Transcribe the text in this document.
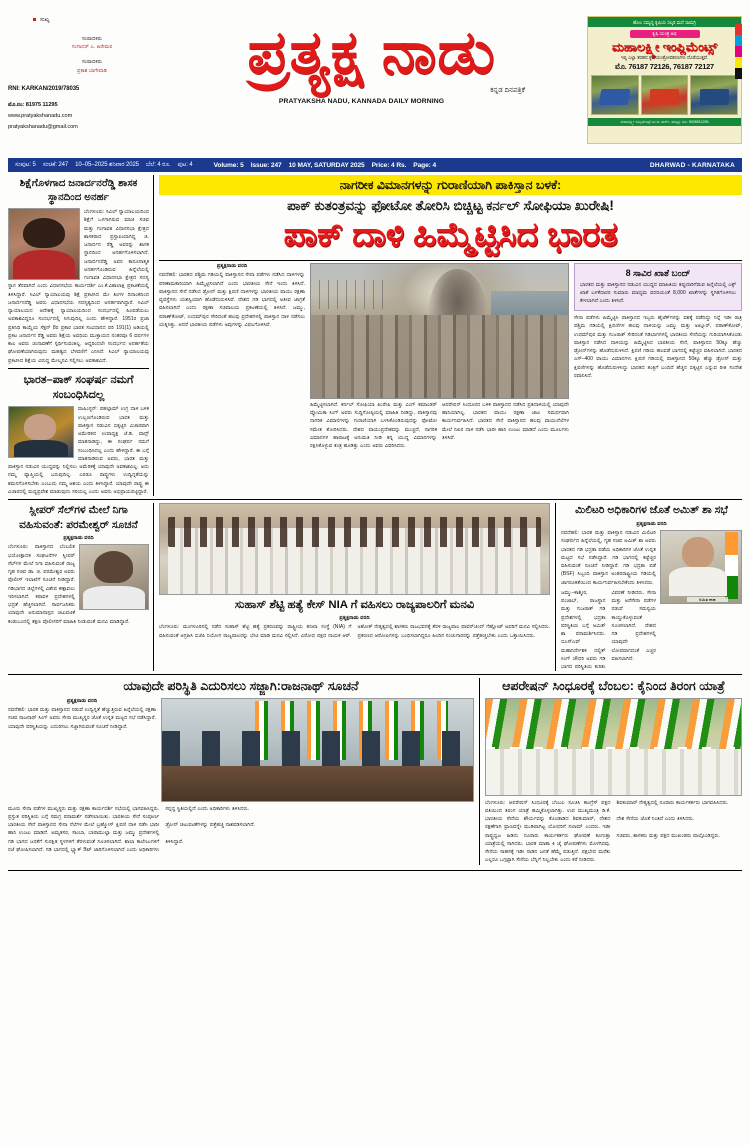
ಸುಖ್ಯ
ಸಂಪಾದಕರು
ಗಂಗಾಧರ್ ಎ. ಹಿರೇಮಠ
ಸಂಪಾದಕರು
ಪ್ರಕಾಶ ಬಾಗೇವಾಡಿ
RNI: KARKAN/2019/78035
ಮೊ.ನಂ: 81975 11295
www.pratyakshanadu.com
pratyakshanadu@gmail.com
ಪ್ರತ್ಯಕ್ಷ ನಾಡು
ಕನ್ನಡ ದಿನಪತ್ರಿಕೆ
PRATYAKSHA NADU, KANNADA DAILY MORNING
ಹೊಲ ಸಮೃದ್ಧ ಕೃಷಿಯ ಸಲ್ಕರಿ ಮನೆ ಸಾಮಗ್ರಿ
ಕೃಷಿ ಯಂತ್ರ ಅಭಿ
ಮಹಾಲಕ್ಷ್ಮೀ ಇಂಪ್ಲಿಮೆಂಟ್ಸ್
ಇಲ್ಲಿ ಎಲ್ಲಾ ತರಹದ ಕೃಷಿ ಯಂತ್ರೋಪಕರಣಗಳು ದೊರೆಯುತ್ತವೆ.
ಮೊ. 76187 72126, 76187 72127
ಮಹಾಲಕ್ಷ್ಮೀ ಇಂಪ್ಲಿಮೆಂಟ್ಸ್ ಎಂ.ಜಿ. ಪಾರ್ಕ್, ಹುಬ್ಬಳ್ಳಿ. ಮೊ: 9035511295
ಸಂಪುಟ: 5 ಸಂಚಿಕೆ: 247 10–05–2025 ಶನಿವಾರ 2025 ಬೆಲೆ: 4 ರೂ. ಪುಟ: 4	Volume: 5 Issue: 247 10 MAY, SATURDAY 2025 Price: 4 Rs. Page: 4	DHARWAD - KARNATAKA
ಶಿಕ್ಷೆಗೊಳಗಾದ ಜನಾರ್ದನರೆಡ್ಡಿ ಶಾಸಕ ಸ್ಥಾನದಿಂದ ಅನರ್ಹ
ಬೆಂಗಳೂರು: ಸಿವಿಲ್ ನ್ಯಾಯಾಲಯದಿಂದ ಶಿಕ್ಷೆಗೆ ಒಳಗಾಗಿರುವ ಮಾಜಿ ಸಚಿವ ಮತ್ತು ಗಂಗಾವತಿ ವಿಧಾನಸಭಾ ಕ್ಷೇತ್ರದ ಶಾಸಕರಾದ ಪ್ರಸ್ತಾಪಿಯಾಗಿದ್ದ ಜಿ. ಜನಾರ್ದನ ರೆಡ್ಡಿ ಅವರನ್ನು ಶಾಸಕ ಸ್ಥಾನದಿಂದ ಅನರ್ಹಗೊಳಿಸಲಾಗಿದೆ. ಜನಾರ್ದನರೆಡ್ಡಿ ಅವರ ಕಾನೂನಾತ್ಮಕ ಅನರ್ಹಗೊಂಡಿರುವ ಹಿನ್ನೆಲೆಯಲ್ಲಿ ಗಂಗಾವತಿ ವಿಧಾನಸಭಾ ಕ್ಷೇತ್ರದ ಸದಸ್ಯ ಸ್ಥಾನ ತೆರವಾಗಿದೆ ಎಂದು ವಿಧಾನಸಭೆಯ ಕಾರ್ಯದರ್ಶಿ ಎಂ.ಕೆ.ವಿಶಾಲಾಕ್ಷಿ ಪ್ರಕಟಣೆಯಲ್ಲಿ ತಿಳಿಸಿದ್ದಾರೆ. ಸಿವಿಲ್ ನ್ಯಾಯಾಲಯವು ಶಿಕ್ಷೆ ಪ್ರಕಟಿಸಿದ ಮೇ ತಿಂಗಳ ದಿನಾಂಕದಿಂದ ಜನಾರ್ದನರೆಡ್ಡಿ ಅವರು ವಿಧಾನಸಭೆಯ ಸದಸ್ಯತ್ವದಿಂದ ಅನರ್ಹರಾಗಿದ್ದಾರೆ. ಸಿವಿಲ್ ನ್ಯಾಯಾಲಯದ ಆದೇಶಕ್ಕೆ ನ್ಯಾಯಾಲಯದಿಂದ ಸಂದರ್ಭದಲ್ಲಿ ಹಿಂಪಡೆಯಲು ಅವಕಾಶವಿದ್ದರೂ ಸಂದರ್ಭದಲ್ಲಿ ಸಿಗುವುದಿಲ್ಲ ಎಂದು ಹೇಳಿದ್ದಾರೆ. 1951ರ ಪ್ರಜಾ ಪ್ರತಿನಿಧಿ ಕಾಯ್ದೆಯ ಸೆಕ್ಷನ್ 8ರ ಪ್ರಕಾರ ಭಾರತ ಸಂವಿಧಾನದ ಪರಿ 191(1) ಅಡಿಯಲ್ಲಿ ಪ್ರಕಟ ಜನಾರ್ದನ ರೆಡ್ಡಿ ಅವರು ಶಿಕ್ಷೆಯ ಅವಧಿಯ ಮುಕ್ತಾಯದ ನಂತರವೂ 6 ವರ್ಷಗಳ ಕಾಲ ಅವರು ಚುನಾವಣೆಗೆ ಸ್ಪರ್ಧಿಸುವಂತಿಲ್ಲ. ಆದ್ದರಿಂದಲೇ ಸಂದರ್ಭದ ಅನರ್ಹತೆಯ ಘೋಷಣೆಯಾಗಿರುವುದು ಮಹತ್ವದ ಬೆಳವಣಿಗೆ ಎನಿಸಿದೆ. ಸಿವಿಲ್ ನ್ಯಾಯಾಲಯವು ಪ್ರಕಟಿಸಿದ ಶಿಕ್ಷೆಯ ವಿರುದ್ಧ ಮೇಲ್ಮನವಿ ಸಲ್ಲಿಸಲು ಅವಕಾಶವಿದೆ.
ಭಾರತ–ಪಾಕ್ ಸಂಘರ್ಷ ನಮಗೆ ಸಂಬಂಧಿಸಿದಲ್ಲ
ವಾಷಿಂಗ್ಟನ್: ಪಹಲ್ಗಾಮ್ ಉಗ್ರ ದಾಳಿ ಬಳಿಕ ಉಲ್ಬಣಗೊಂಡಿರುವ ಭಾರತ ಮತ್ತು ಪಾಕಿಸ್ತಾನ ನಡುವಿನ ಬಿಕ್ಕಟ್ಟಿನ ವಿಚಾರವಾಗಿ ಅಮೇರಿಕದ ಉಪಾಧ್ಯಕ್ಷ ಜೆ.ಡಿ. ವಾನ್ಸ್ ಮಾತನಾಡಿದ್ದು, ಈ ಸಂಘರ್ಷ ನಮಗೆ ಸಂಬಂಧಿಸಿದಲ್ಲ ಎಂದು ಹೇಳಿದ್ದಾರೆ. ಈ ಬಗ್ಗೆ ಮಾತನಾಡಿರುವ ಅವರು, ಭಾರತ ಮತ್ತು ಪಾಕಿಸ್ತಾನ ನಡುವಿನ ಯುದ್ಧವನ್ನು ನಿಲ್ಲಿಸಲು ಅಮೆರಿಕಕ್ಕೆ ಯಾವುದೇ ಅವಕಾಶವಿಲ್ಲ. ಅದು ನಮ್ಮ ವ್ಯಾಪ್ತಿಯಲ್ಲಿ ಬರುವುದಿಲ್ಲ. ಎರಡೂ ರಾಷ್ಟ್ರಗಳು ಉದ್ವಿಗ್ನತೆಯನ್ನು ಶಮನಗೊಳಿಸಬೇಕು ಎಂಬುದು ನಮ್ಮ ಆಶಯ ಎಂದು ತಿಳಿಸಿದ್ದಾರೆ. ಯಾವುದೇ ರಾಷ್ಟ್ರ ಈ ವಿಚಾರದಲ್ಲಿ ಮಧ್ಯಪ್ರವೇಶ ಮಾಡುವುದು ಸರಿಯಲ್ಲ ಎಂದು ಅವರು ಅಭಿಪ್ರಾಯಪಟ್ಟಿದ್ದಾರೆ.
ನಾಗರೀಕ ವಿಮಾನಗಳನ್ನು ಗುರಾಣಿಯಾಗಿ ಪಾಕಿಸ್ತಾನ ಬಳಕೆ:
ಪಾಕ್ ಕುತಂತ್ರವನ್ನು ಫೋಟೋ ತೋರಿಸಿ ಬಿಚ್ಚಿಟ್ಟ ಕರ್ನಲ್ ಸೋಫಿಯಾ ಖುರೇಷಿ!
ಪಾಕ್ ದಾಳಿ ಹಿಮ್ಮೆಟ್ಟಿಸಿದ ಭಾರತ
ಪ್ರತ್ಯಕ್ಷನಾಡು ವರದಿ
ನವದೆಹಲಿ: ಭಾರತದ ಪಶ್ಚಿಮ ಗಡಿಯಲ್ಲಿ ಪಾಕಿಸ್ತಾನದ ಸೇನಾ ಪಡೆಗಳು ನಡೆಸಿದ ದಾಳಿಗಳನ್ನು ಪರಿಣಾಮಕಾರಿಯಾಗಿ ಹಿಮ್ಮೆಟ್ಟಿಸಲಾಗಿದೆ ಎಂದು ಭಾರತೀಯ ಸೇನೆ ಇಂದು ತಿಳಿಸಿದೆ. ಪಾಕಿಸ್ತಾನದ ಸೇನೆ ನಡೆಸಿದ ಡ್ರೋನ್ ಮತ್ತು ಕ್ಷಿಪಣಿ ದಾಳಿಗಳನ್ನು ಭಾರತೀಯ ವಾಯು ರಕ್ಷಣಾ ವ್ಯವಸ್ಥೆಗಳು ಯಶಸ್ವಿಯಾಗಿ ಹೊಡೆದುರುಳಿಸಿವೆ. ದೇಶದ ಗಡಿ ಭಾಗದಲ್ಲಿ ಅತೀವ ಜಾಗ್ರತೆ ವಹಿಸಲಾಗಿದೆ ಎಂದು ರಕ್ಷಣಾ ಸಚಿವಾಲಯ ಪ್ರಕಟಣೆಯಲ್ಲಿ ತಿಳಿಸಿದೆ. ಜಮ್ಮು, ಪಠಾಣ್‌ಕೋಟ್, ಉಧಮ್‌ಪುರ ಸೇರಿದಂತೆ ಹಲವು ಪ್ರದೇಶಗಳಲ್ಲಿ ಪಾಕಿಸ್ತಾನ ದಾಳಿ ನಡೆಸಲು ಯತ್ನಿಸಿತ್ತು. ಆದರೆ ಭಾರತೀಯ ಪಡೆಗಳು ಅವುಗಳನ್ನು ವಿಫಲಗೊಳಿಸಿವೆ.
ಹಿಮ್ಮೆಟ್ಟಿಸಲಾಗಿದೆ. ಕರ್ನಲ್ ಸೋಫಿಯಾ ಖುರೇಷಿ ಮತ್ತು ವಿಂಗ್ ಕಮಾಂಡರ್ ವ್ಯೋಮಿಕಾ ಸಿಂಗ್ ಅವರು ಸುದ್ದಿಗೋಷ್ಠಿಯಲ್ಲಿ ಮಾಹಿತಿ ನೀಡಿದ್ದು, ಪಾಕಿಸ್ತಾನವು ನಾಗರಿಕ ವಿಮಾನಗಳನ್ನು ಗುರಾಣಿಯಾಗಿ ಬಳಸಿಕೊಂಡಿರುವುದನ್ನು ಫೋಟೋ ಸಮೇತ ತೋರಿಸಿದರು. ದೇಶದ ವಾಯುಪ್ರದೇಶವನ್ನು ಮುಚ್ಚದೆ, ನಾಗರಿಕ ವಿಮಾನಗಳ ಹಾರಾಟಕ್ಕೆ ಅನುಮತಿ ನೀಡಿ ತನ್ನ ಯುದ್ಧ ವಿಮಾನಗಳನ್ನು ರಕ್ಷಿಸಿಕೊಳ್ಳುವ ತಂತ್ರ ಹೂಡಿತ್ತು ಎಂದು ಅವರು ವಿವರಿಸಿದರು.
ಆಪರೇಷನ್ ಸಿಂಧೂರದ ಬಳಿಕ ಪಾಕಿಸ್ತಾನದ ನಡೆಸಿದ ಪ್ರತಿದಾಳಿಯಲ್ಲಿ ಯಾವುದೇ ಹಾನಿಯಾಗಿಲ್ಲ. ಭಾರತದ ವಾಯು ರಕ್ಷಣಾ ಜಾಲ ಸಮರ್ಥವಾಗಿ ಕಾರ್ಯನಿರ್ವಹಿಸಿದೆ. ಭಾರತದ ಸೇನೆ ಪಾಕಿಸ್ತಾನದ ಹಲವು ವಾಯುನೆಲೆಗಳ ಮೇಲೆ ನಿಖರ ದಾಳಿ ನಡೆಸಿ ಭಾರೀ ಹಾನಿ ಉಂಟು ಮಾಡಿದೆ ಎಂದು ಮೂಲಗಳು ತಿಳಿಸಿವೆ.
8 ಸಾವಿರ ಖಾತೆ ಬಂದ್
ಭಾರತದ ಮತ್ತು ಪಾಕಿಸ್ತಾನದ ನಡುವಿನ ಯುದ್ಧದ ಮಾಹಿತಿಯ ತಪ್ಪುದಾರಿಗೆಡುವ ಹಿನ್ನೆಲೆಯಲ್ಲಿ ಎಕ್ಸ್ ಖಾತೆ ಬಳಕೆದಾರರ ಸುಮಾರು ಮಾಧ್ಯಮ ವರದಿಯಂತೆ 8,000 ಖಾತೆಗಳನ್ನು ಸ್ಥಗಿತಗೊಳಿಸಲು ಕೇಳಲಾಗಿದೆ ಎಂದು ತಿಳಿಸಿದೆ.
ಸೇನಾ ಪಡೆಗಳು ಹಿಮ್ಮೆಟ್ಟಿಸಿ ಪಾಕಿಸ್ತಾನದ ಇಬ್ಬರು ಹೈಟೆಕ್‌ಗಳನ್ನು ವಶಕ್ಕೆ ಪಡೆದಿದ್ದು ನಿನ್ನೆ ಇಡೀ ರಾತ್ರಿ ಪಶ್ಚಿಮ ಗಡಿಯಲ್ಲಿ ಕ್ಷಿಪಣಿಗಳ ಹಲವು ದಾಳಿಯನ್ನು ಜಮ್ಮು ಮತ್ತು ಅಖ್ನೂರ್, ಪಠಾಣ್‌ಕೋಟ್, ಉಧಮ್‌ಪುರ ಮತ್ತು ಗುಜರಾತ್ ಸೇರಿದಂತೆ ಗಡಿಭಾಗಗಳಲ್ಲಿ ಭಾರತೀಯ ಸೇನೆಯನ್ನು ಗುರಿಯಾಗಿಸಿಕೊಂಡು ಪಾಕಿಸ್ತಾನ ನಡೆಸಿದ ದಾಳಿಯನ್ನು ಹಿಮ್ಮೆಟ್ಟಿಸಿದ ಭಾರತೀಯ ಸೇನೆ, ಪಾಕಿಸ್ತಾನದ 50ಕ್ಕೂ ಹೆಚ್ಚು ಡ್ರೋನ್‌ಗಳನ್ನು ಹೊಡೆದುರುಳಿಸಿದೆ. ಕ್ಷಿಪಣಿ ಗಡಿಯ ಹಲವಡೆ ಭಾಗದಲ್ಲಿ ಕಟ್ಟೆಚ್ಚರ ವಹಿಸಲಾಗಿದೆ. ಭಾರತದ ಎಸ್–400 ವಾಯು ವಿಮಾನಗಳು ಕ್ಷಿಪಣಿ ಗಡಿಯಲ್ಲಿ ಪಾಕಿಸ್ತಾನದ 50ಕ್ಕೂ ಹೆಚ್ಚು ಡ್ರೋನ್ ಮತ್ತು ಕ್ಷಿಪಣಿಗಳನ್ನು ಹೊಡೆದುರುಳಿಸಿದ್ದು ಭಾರತದ ತಂತ್ರಿಗೆ ಬಂದಿದೆ ಹೆಚ್ಚಿನ ಬಿಕ್ಕಟ್ಟಿನ ಎನ್ನುವ ರೀತಿ ಸಂದೇಶ ರವಾನಿಸಿದೆ.
ಸ್ಲೀಪರ್ ಸೆಲ್‌ಗಳ ಮೇಲೆ ನಿಗಾ ವಹಿಸುವಂತೆ: ಪರಮೇಶ್ವರ್ ಸೂಚನೆ
ಪ್ರತ್ಯಕ್ಷನಾಡು ವರದಿ
ಬೆಂಗಳೂರು: ಪಾಕಿಸ್ತಾನದ ಬೆಂಬಲಿತ ಭಯೋತ್ಪಾದಕ ಸಂಘಟನೆಗಳ ಸ್ಲೀಪರ್ ಸೆಲ್‌ಗಳ ಮೇಲೆ ನಿಗಾ ವಹಿಸುವಂತೆ ರಾಜ್ಯ ಗೃಹ ಸಚಿವ ಡಾ. ಜಿ. ಪರಮೇಶ್ವರ ಅವರು ಪೊಲೀಸ್ ಇಲಾಖೆಗೆ ಸೂಚನೆ ನೀಡಿದ್ದಾರೆ. ಗಡಿಭಾಗದ ಜಿಲ್ಲೆಗಳಲ್ಲಿ ವಿಶೇಷ ಕಣ್ಗಾವಲು ಇರಿಸಲಾಗಿದೆ. ಕರಾವಳಿ ಪ್ರದೇಶಗಳಲ್ಲಿ ಭದ್ರತೆ ಹೆಚ್ಚಿಸಲಾಗಿದೆ. ಸಾರ್ವಜನಿಕರು ಯಾವುದೇ ಅನುಮಾನಾಸ್ಪದ ಚಟುವಟಿಕೆ ಕಂಡುಬಂದಲ್ಲಿ ತಕ್ಷಣ ಪೊಲೀಸರಿಗೆ ಮಾಹಿತಿ ನೀಡುವಂತೆ ಮನವಿ ಮಾಡಿದ್ದಾರೆ.
ಸುಹಾಸ್ ಶೆಟ್ಟಿ ಹತ್ಯೆ ಕೇಸ್ NIA ಗೆ ವಹಿಸಲು ರಾಜ್ಯಪಾಲರಿಗೆ ಮನವಿ
ಪ್ರತ್ಯಕ್ಷನಾಡು ವರದಿ
ಬೆಂಗಳೂರು: ಮಂಗಳೂರಿನಲ್ಲಿ ನಡೆದ ಸುಹಾಸ್ ಶೆಟ್ಟಿ ಹತ್ಯೆ ಪ್ರಕರಣವನ್ನು ರಾಷ್ಟ್ರೀಯ ತನಿಖಾ ಸಂಸ್ಥೆ (NIA) ಗೆ ವಹಿಸುವಂತೆ ಆಗ್ರಹಿಸಿ ಬಿಜೆಪಿ ನಿಯೋಗ ರಾಜ್ಯಪಾಲರನ್ನು ಭೇಟಿ ಮಾಡಿ ಮನವಿ ಸಲ್ಲಿಸಿದೆ. ವಿರೋಧ ಪಕ್ಷದ ನಾಯಕ ಆರ್. ಅಶೋಕ್ ನೇತೃತ್ವದಲ್ಲಿ ಶಾಸಕರು ರಾಜಭವನಕ್ಕೆ ತೆರಳಿ ರಾಜ್ಯಪಾಲ ಥಾವರ್‌ಚಂದ್ ಗೆಹ್ಲೋಟ್ ಅವರಿಗೆ ಮನವಿ ಸಲ್ಲಿಸಿದರು. ಪ್ರಕರಣದ ಆರೋಪಿಗಳನ್ನು ಬಂಧಿಸಲಾಗಿದ್ದರೂ ಹಿಂದಿನ ಸಂಚುಗಾರರನ್ನು ಪತ್ತೆಹಚ್ಚಬೇಕು ಎಂದು ಒತ್ತಾಯಿಸಿದರು.
ಮಿಲಿಟರಿ ಅಧಿಕಾರಿಗಳ ಜೊತೆ ಅಮಿತ್ ಶಾ ಸಭೆ
ಪ್ರತ್ಯಕ್ಷನಾಡು ವರದಿ
ಅಮಿತ ಶಾಹ
ನವದೆಹಲಿ: ಭಾರತ ಮತ್ತು ಪಾಕಿಸ್ತಾನ ನಡುವಿನ ಮಿಲಿಟರಿ ಸಂಘರ್ಷದ ಹಿನ್ನೆಲೆಯಲ್ಲಿ, ಗೃಹ ಸಚಿವ ಅಮಿತ್ ಶಾ ಅವರು ಭಾರತದ ಗಡಿ ಭದ್ರತಾ ಪಡೆಯ ಅಧಿಕಾರಿಗಳ ಜೊತೆ ಉನ್ನತ ಮಟ್ಟದ ಸಭೆ ನಡೆಸಿದ್ದಾರೆ. ಗಡಿ ಭಾಗದಲ್ಲಿ ಕಟ್ಟೆಚ್ಚರ ವಹಿಸುವಂತೆ ಸೂಚನೆ ನೀಡಿದ್ದಾರೆ. ಗಡಿ ಭದ್ರತಾ ಪಡೆ (BSF) ಸಿಬ್ಬಂದಿ ಪಾಕಿಸ್ತಾನ ಅಂತರರಾಷ್ಟ್ರೀಯ ಗಡಿಯಲ್ಲಿ ಜಾಗರೂಕತೆಯಿಂದ ಕಾರ್ಯನಿರ್ವಹಿಸಬೇಕೆಂದು ತಿಳಿಸಿದರು.
ಜಮ್ಮು–ಕಾಶ್ಮೀರ, ಪಂಜಾಬ್, ರಾಜಸ್ಥಾನ ಮತ್ತು ಗುಜರಾತ್ ಗಡಿ ಪ್ರದೇಶಗಳಲ್ಲಿ ಭದ್ರತಾ ಪರಿಸ್ಥಿತಿಯ ಬಗ್ಗೆ ಅಮಿತ್ ಶಾ ಪರಾಮರ್ಶಿಸಿದರು. ಬಿಎಸ್‌ಎಫ್ ಮಹಾನಿರ್ದೇಶಕ ದಲ್ಜಿತ್ ಸಿಂಗ್ ಚೌಧರಿ ಅವರು ಗಡಿ ಭಾಗದ ಪರಿಸ್ಥಿತಿಯ ಕುರಿತು ವಿವರಣೆ ನೀಡಿದರು. ಸೇನಾ ಮತ್ತು ಅರೆಸೇನಾ ಪಡೆಗಳ ನಡುವೆ ಸಮನ್ವಯ ಕಾಯ್ದುಕೊಳ್ಳುವಂತೆ ಸೂಚಿಸಲಾಗಿದೆ. ದೇಶದ ಗಡಿ ಪ್ರದೇಶಗಳಲ್ಲಿ ಯಾವುದೇ ಲೋಪವಾಗದಂತೆ ಎಚ್ಚರ ವಹಿಸಲಾಗಿದೆ.
ಯಾವುದೇ ಪರಿಸ್ಥಿತಿ ಎದುರಿಸಲು ಸಜ್ಜಾಗಿ:ರಾಜನಾಥ್ ಸೂಚನೆ
ಪ್ರತ್ಯಕ್ಷನಾಡು ವರದಿ
ನವದೆಹಲಿ: ಭಾರತ ಮತ್ತು ಪಾಕಿಸ್ತಾನದ ನಡುವೆ ಉದ್ವಿಗ್ನತೆ ಹೆಚ್ಚುತ್ತಿರುವ ಹಿನ್ನೆಲೆಯಲ್ಲಿ ರಕ್ಷಣಾ ಸಚಿವ ರಾಜನಾಥ್ ಸಿಂಗ್ ಅವರು ಸೇನಾ ಮುಖ್ಯಸ್ಥರ ಜೊತೆ ಉನ್ನತ ಮಟ್ಟದ ಸಭೆ ನಡೆಸಿದ್ದಾರೆ. ಯಾವುದೇ ಪರಿಸ್ಥಿತಿಯನ್ನು ಎದುರಿಸಲು ಸಜ್ಜಾಗಿರುವಂತೆ ಸೂಚನೆ ನೀಡಿದ್ದಾರೆ.
ಮೂರು ಸೇನಾ ಪಡೆಗಳ ಮುಖ್ಯಸ್ಥರು ಮತ್ತು ರಕ್ಷಣಾ ಕಾರ್ಯದರ್ಶಿ ಸಭೆಯಲ್ಲಿ ಭಾಗವಹಿಸಿದ್ದರು. ಪ್ರಸ್ತುತ ಪರಿಸ್ಥಿತಿಯ ಬಗ್ಗೆ ಸಮಗ್ರ ಪರಾಮರ್ಶೆ ನಡೆಸಲಾಯಿತು. ಭಾರತೀಯ ಸೇನೆ ಸಂಪೂರ್ಣ ಸನ್ನದ್ಧ ಸ್ಥಿತಿಯಲ್ಲಿದೆ ಎಂದು ಅಧಿಕಾರಿಗಳು ತಿಳಿಸಿದರು.
ಭಾರತೀಯ ಸೇನೆ ಪಾಕಿಸ್ತಾನದ ಸೇನಾ ನೆಲೆಗಳ ಮೇಲೆ ಬ್ರಹ್ಮೋಸ್ ಕ್ಷಿಪಣಿ ದಾಳಿ ನಡೆಸಿ ಭಾರೀ ಹಾನಿ ಉಂಟು ಮಾಡಿದೆ. ಅಮೃತಸರ, ಸಾಂಬಾ, ಬಾರಾಮುಲ್ಲಾ ಮತ್ತು ಜಮ್ಮು ಪ್ರದೇಶಗಳಲ್ಲಿ ಡ್ರೋನ್ ಚಟುವಟಿಕೆಗಳನ್ನು ಪತ್ತೆಹಚ್ಚಿ ನಾಶಪಡಿಸಲಾಗಿದೆ.
ಗಡಿ ಭಾಗದ ಜನತೆಗೆ ಸುರಕ್ಷಿತ ಸ್ಥಳಗಳಿಗೆ ತೆರಳುವಂತೆ ಸೂಚಿಸಲಾಗಿದೆ. ಶಾಲಾ ಕಾಲೇಜುಗಳಿಗೆ ರಜೆ ಘೋಷಿಸಲಾಗಿದೆ. ಗಡಿ ಭಾಗದಲ್ಲಿ ಬ್ಲ್ಯಾಕ್ ಔಟ್ ಜಾರಿಗೊಳಿಸಲಾಗಿದೆ ಎಂದು ಅಧಿಕಾರಿಗಳು ತಿಳಿಸಿದ್ದಾರೆ.
ಆಪರೇಷನ್ ಸಿಂಧೂರಕ್ಕೆ ಬೆಂಬಲ: ಕೈನಿಂದ ತಿರಂಗ ಯಾತ್ರೆ
ಬೆಂಗಳೂರು: ಆಪರೇಷನ್ ಸಿಂಧೂರಕ್ಕೆ ಬೆಂಬಲ ಸೂಚಿಸಿ ಕಾಂಗ್ರೆಸ್ ಪಕ್ಷದ ವತಿಯಿಂದ ತಿರಂಗ ಯಾತ್ರೆ ಹಮ್ಮಿಕೊಳ್ಳಲಾಗಿತ್ತು. ಉಪ ಮುಖ್ಯಮಂತ್ರಿ ಡಿ.ಕೆ. ಶಿವಕುಮಾರ್ ನೇತೃತ್ವದಲ್ಲಿ ನೂರಾರು ಕಾರ್ಯಕರ್ತರು ಭಾಗವಹಿಸಿದರು.
ಭಾರತೀಯ ಸೇನೆಯ ಶೌರ್ಯವನ್ನು ಕೊಂಡಾಡಿದ ಶಿವಕುಮಾರ್, ದೇಶದ ರಕ್ಷಣೆಗಾಗಿ ಪ್ರಾಣವನ್ನೇ ಮುಡಿಪಾಗಿಟ್ಟ ಯೋಧರಿಗೆ ಸಲಾಮ್ ಎಂದರು. ಇಡೀ ದೇಶ ಸೇನೆಯ ಜೊತೆ ನಿಂತಿದೆ ಎಂದು ತಿಳಿಸಿದರು.
ರಾಷ್ಟ್ರಧ್ವಜ ಹಿಡಿದು ನೂರಾರು ಕಾರ್ಯಕರ್ತರು ಘೋಷಣೆ ಕೂಗುತ್ತಾ ಯಾತ್ರೆಯಲ್ಲಿ ಸಾಗಿದರು. ಭಾರತ ಮಾತಾ ಕಿ ಜೈ ಘೋಷಣೆಗಳು ಮೊಳಗಿದವು. ಸಚಿವರು, ಶಾಸಕರು ಮತ್ತು ಪಕ್ಷದ ಮುಖಂಡರು ಪಾಲ್ಗೊಂಡಿದ್ದರು.
ಸೇನೆಯ ಸಾಹಸಕ್ಕೆ ಇಡೀ ನಾಡಿನ ಜನತೆ ಹೆಮ್ಮೆ ಪಡುತ್ತಿದೆ. ಪಕ್ಷಭೇದ ಮರೆತು ಎಲ್ಲರೂ ಒಗ್ಗಟ್ಟಾಗಿ ಸೇನೆಯ ಬೆನ್ನಿಗೆ ನಿಲ್ಲಬೇಕು ಎಂದು ಕರೆ ನೀಡಿದರು.
